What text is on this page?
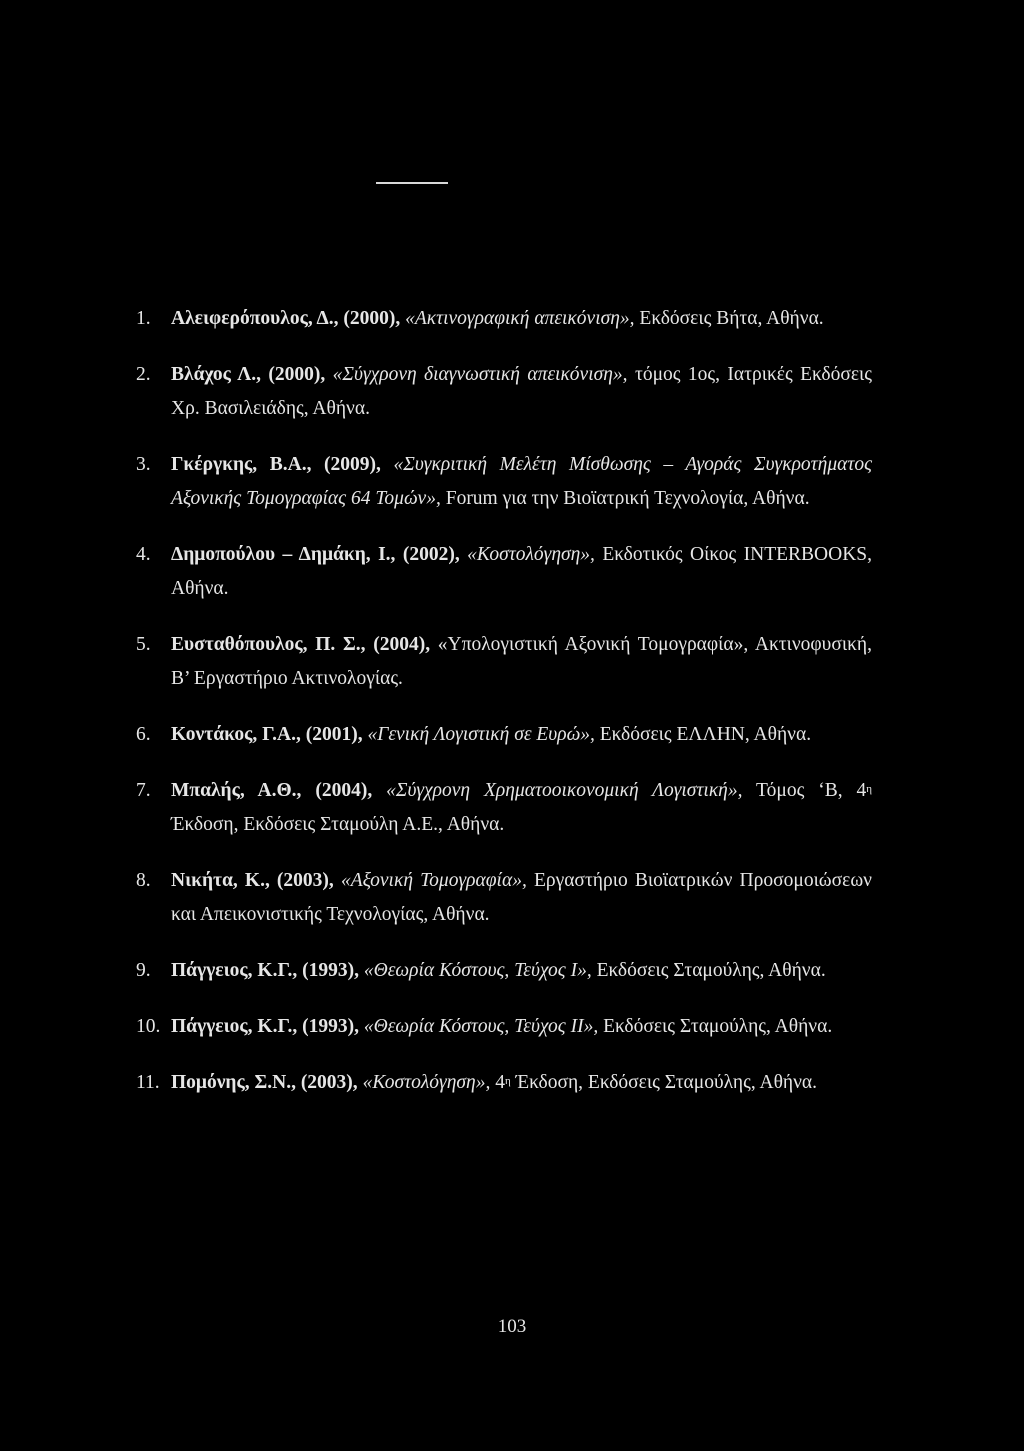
1.	Αλειφερόπουλος, Δ., (2000), «Ακτινογραφική απεικόνιση», Εκδόσεις Βήτα, Αθήνα.
2.	Βλάχος Λ., (2000), «Σύγχρονη διαγνωστική απεικόνιση», τόμος 1ος, Ιατρικές Εκδόσεις Χρ. Βασιλειάδης, Αθήνα.
3.	Γκέργκης, Β.Α., (2009), «Συγκριτική Μελέτη Μίσθωσης – Αγοράς Συγκροτήματος Αξονικής Τομογραφίας 64 Τομών», Forum για την Βιοϊατρική Τεχνολογία, Αθήνα.
4.	Δημοπούλου – Δημάκη, Ι., (2002), «Κοστολόγηση», Εκδοτικός Οίκος INTERBOOKS, Αθήνα.
5.	Ευσταθόπουλος, Π. Σ., (2004), «Υπολογιστική Αξονική Τομογραφία», Ακτινοφυσική, Β’ Εργαστήριο Ακτινολογίας.
6.	Κοντάκος, Γ.Α., (2001), «Γενική Λογιστική σε Ευρώ», Εκδόσεις ΕΛΛΗΝ, Αθήνα.
7.	Μπαλής, Α.Θ., (2004), «Σύγχρονη Χρηματοοικονομική Λογιστική», Τόμος ‘Β, $4^\eta$ Έκδοση, Εκδόσεις Σταμούλη Α.Ε., Αθήνα.
8.	Νικήτα, Κ., (2003), «Αξονική Τομογραφία», Εργαστήριο Βιοϊατρικών Προσομοιώσεων και Απεικονιστικής Τεχνολογίας, Αθήνα.
9.	Πάγγειος, Κ.Γ., (1993), «Θεωρία Κόστους, Τεύχος Ι», Εκδόσεις Σταμούλης, Αθήνα.
10. Πάγγειος, Κ.Γ., (1993), «Θεωρία Κόστους, Τεύχος ΙΙ», Εκδόσεις Σταμούλης, Αθήνα.
11. Πομόνης, Σ.Ν., (2003), «Κοστολόγηση», $4^\eta$ Έκδοση, Εκδόσεις Σταμούλης, Αθήνα.
103
